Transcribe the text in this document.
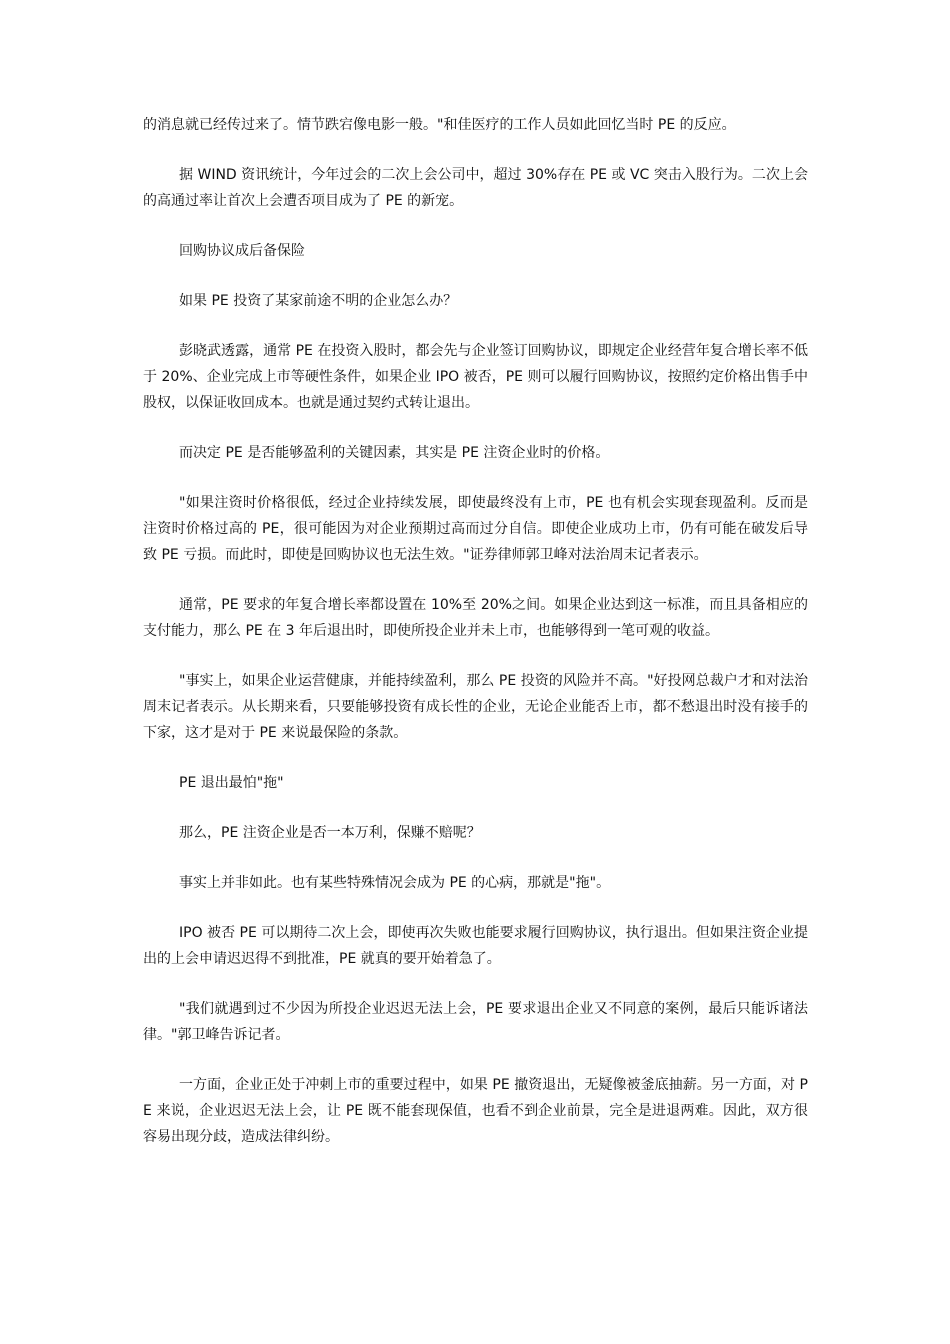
的消息就已经传过来了。情节跌宕像电影一般。"和佳医疗的工作人员如此回忆当时 PE 的反应。

据 WIND 资讯统计，今年过会的二次上会公司中，超过 30%存在 PE 或 VC 突击入股行为。二次上会的高通过率让首次上会遭否项目成为了 PE 的新宠。

回购协议成后备保险

如果 PE 投资了某家前途不明的企业怎么办？

彭晓武透露，通常 PE 在投资入股时，都会先与企业签订回购协议，即规定企业经营年复合增长率不低于 20%、企业完成上市等硬性条件，如果企业 IPO 被否，PE 则可以履行回购协议，按照约定价格出售手中股权，以保证收回成本。也就是通过契约式转让退出。

而决定 PE 是否能够盈利的关键因素，其实是 PE 注资企业时的价格。

"如果注资时价格很低，经过企业持续发展，即使最终没有上市，PE 也有机会实现套现盈利。反而是注资时价格过高的 PE，很可能因为对企业预期过高而过分自信。即使企业成功上市，仍有可能在破发后导致 PE 亏损。而此时，即使是回购协议也无法生效。"证券律师郭卫峰对法治周末记者表示。

通常，PE 要求的年复合增长率都设置在 10%至 20%之间。如果企业达到这一标准，而且具备相应的支付能力，那么 PE 在 3 年后退出时，即使所投企业并未上市，也能够得到一笔可观的收益。

"事实上，如果企业运营健康，并能持续盈利，那么 PE 投资的风险并不高。"好投网总裁户才和对法治周末记者表示。从长期来看，只要能够投资有成长性的企业，无论企业能否上市，都不愁退出时没有接手的下家，这才是对于 PE 来说最保险的条款。

PE 退出最怕"拖"

那么，PE 注资企业是否一本万利，保赚不赔呢？

事实上并非如此。也有某些特殊情况会成为 PE 的心病，那就是"拖"。

IPO 被否 PE 可以期待二次上会，即使再次失败也能要求履行回购协议，执行退出。但如果注资企业提出的上会申请迟迟得不到批准，PE 就真的要开始着急了。

"我们就遇到过不少因为所投企业迟迟无法上会，PE 要求退出企业又不同意的案例，最后只能诉诸法律。"郭卫峰告诉记者。

一方面，企业正处于冲刺上市的重要过程中，如果 PE 撤资退出，无疑像被釜底抽薪。另一方面，对 PE 来说，企业迟迟无法上会，让 PE 既不能套现保值，也看不到企业前景，完全是进退两难。因此，双方很容易出现分歧，造成法律纠纷。
